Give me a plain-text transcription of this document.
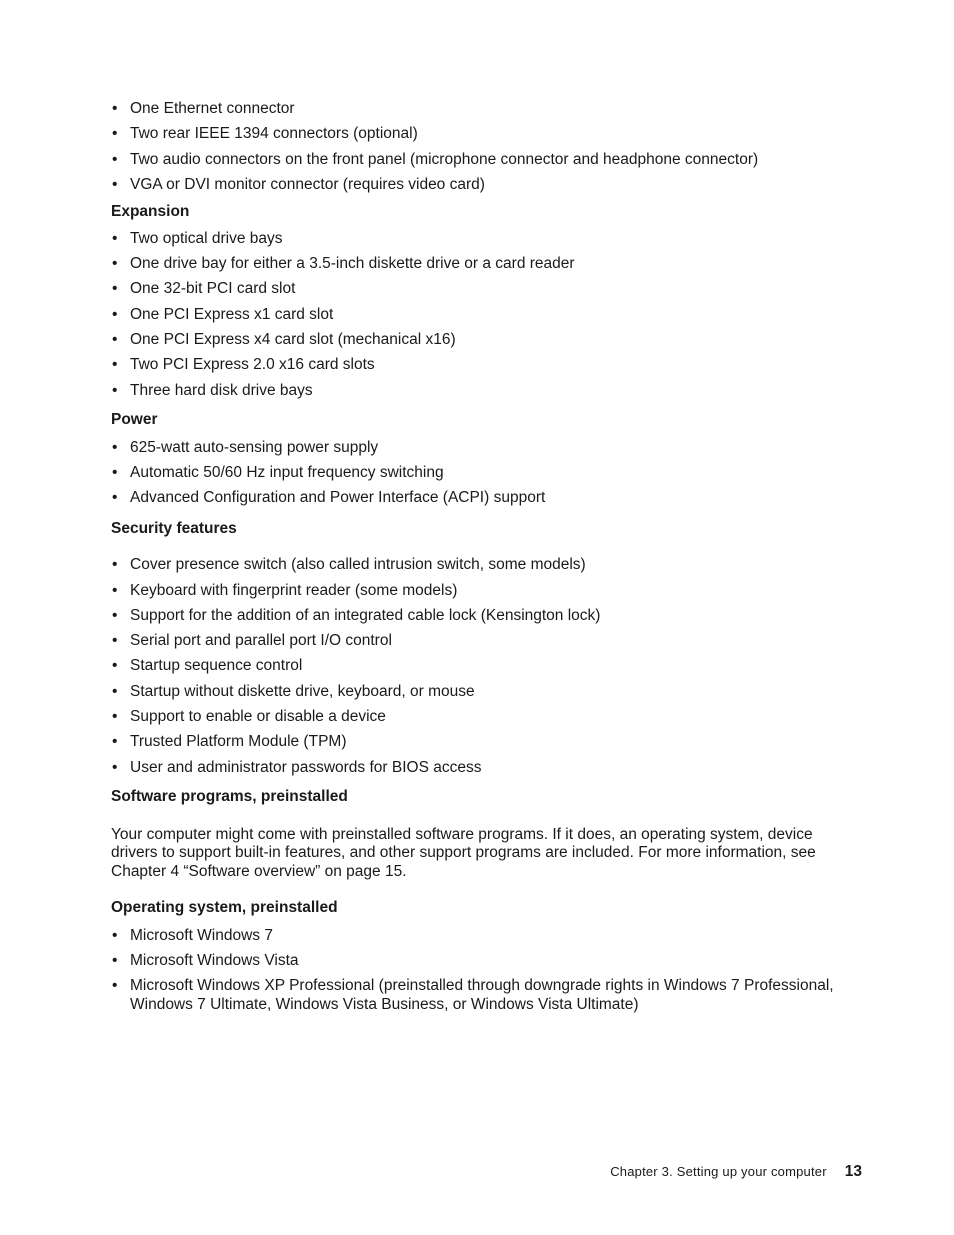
• One Ethernet connector
• Two rear IEEE 1394 connectors (optional)
• Two audio connectors on the front panel (microphone connector and headphone connector)
• VGA or DVI monitor connector (requires video card)
Expansion
• Two optical drive bays
• One drive bay for either a 3.5-inch diskette drive or a card reader
• One 32-bit PCI card slot
• One PCI Express x1 card slot
• One PCI Express x4 card slot (mechanical x16)
• Two PCI Express 2.0 x16 card slots
• Three hard disk drive bays
Power
• 625-watt auto-sensing power supply
• Automatic 50/60 Hz input frequency switching
• Advanced Configuration and Power Interface (ACPI) support
Security features
• Cover presence switch (also called intrusion switch, some models)
• Keyboard with fingerprint reader (some models)
• Support for the addition of an integrated cable lock (Kensington lock)
• Serial port and parallel port I/O control
• Startup sequence control
• Startup without diskette drive, keyboard, or mouse
• Support to enable or disable a device
• Trusted Platform Module (TPM)
• User and administrator passwords for BIOS access
Software programs, preinstalled

Your computer might come with preinstalled software programs. If it does, an operating system, device drivers to support built-in features, and other support programs are included. For more information, see Chapter 4 “Software overview” on page 15.

Operating system, preinstalled
• Microsoft Windows 7
• Microsoft Windows Vista
• Microsoft Windows XP Professional (preinstalled through downgrade rights in Windows 7 Professional, Windows 7 Ultimate, Windows Vista Business, or Windows Vista Ultimate)
Chapter 3. Setting up your computer 13
